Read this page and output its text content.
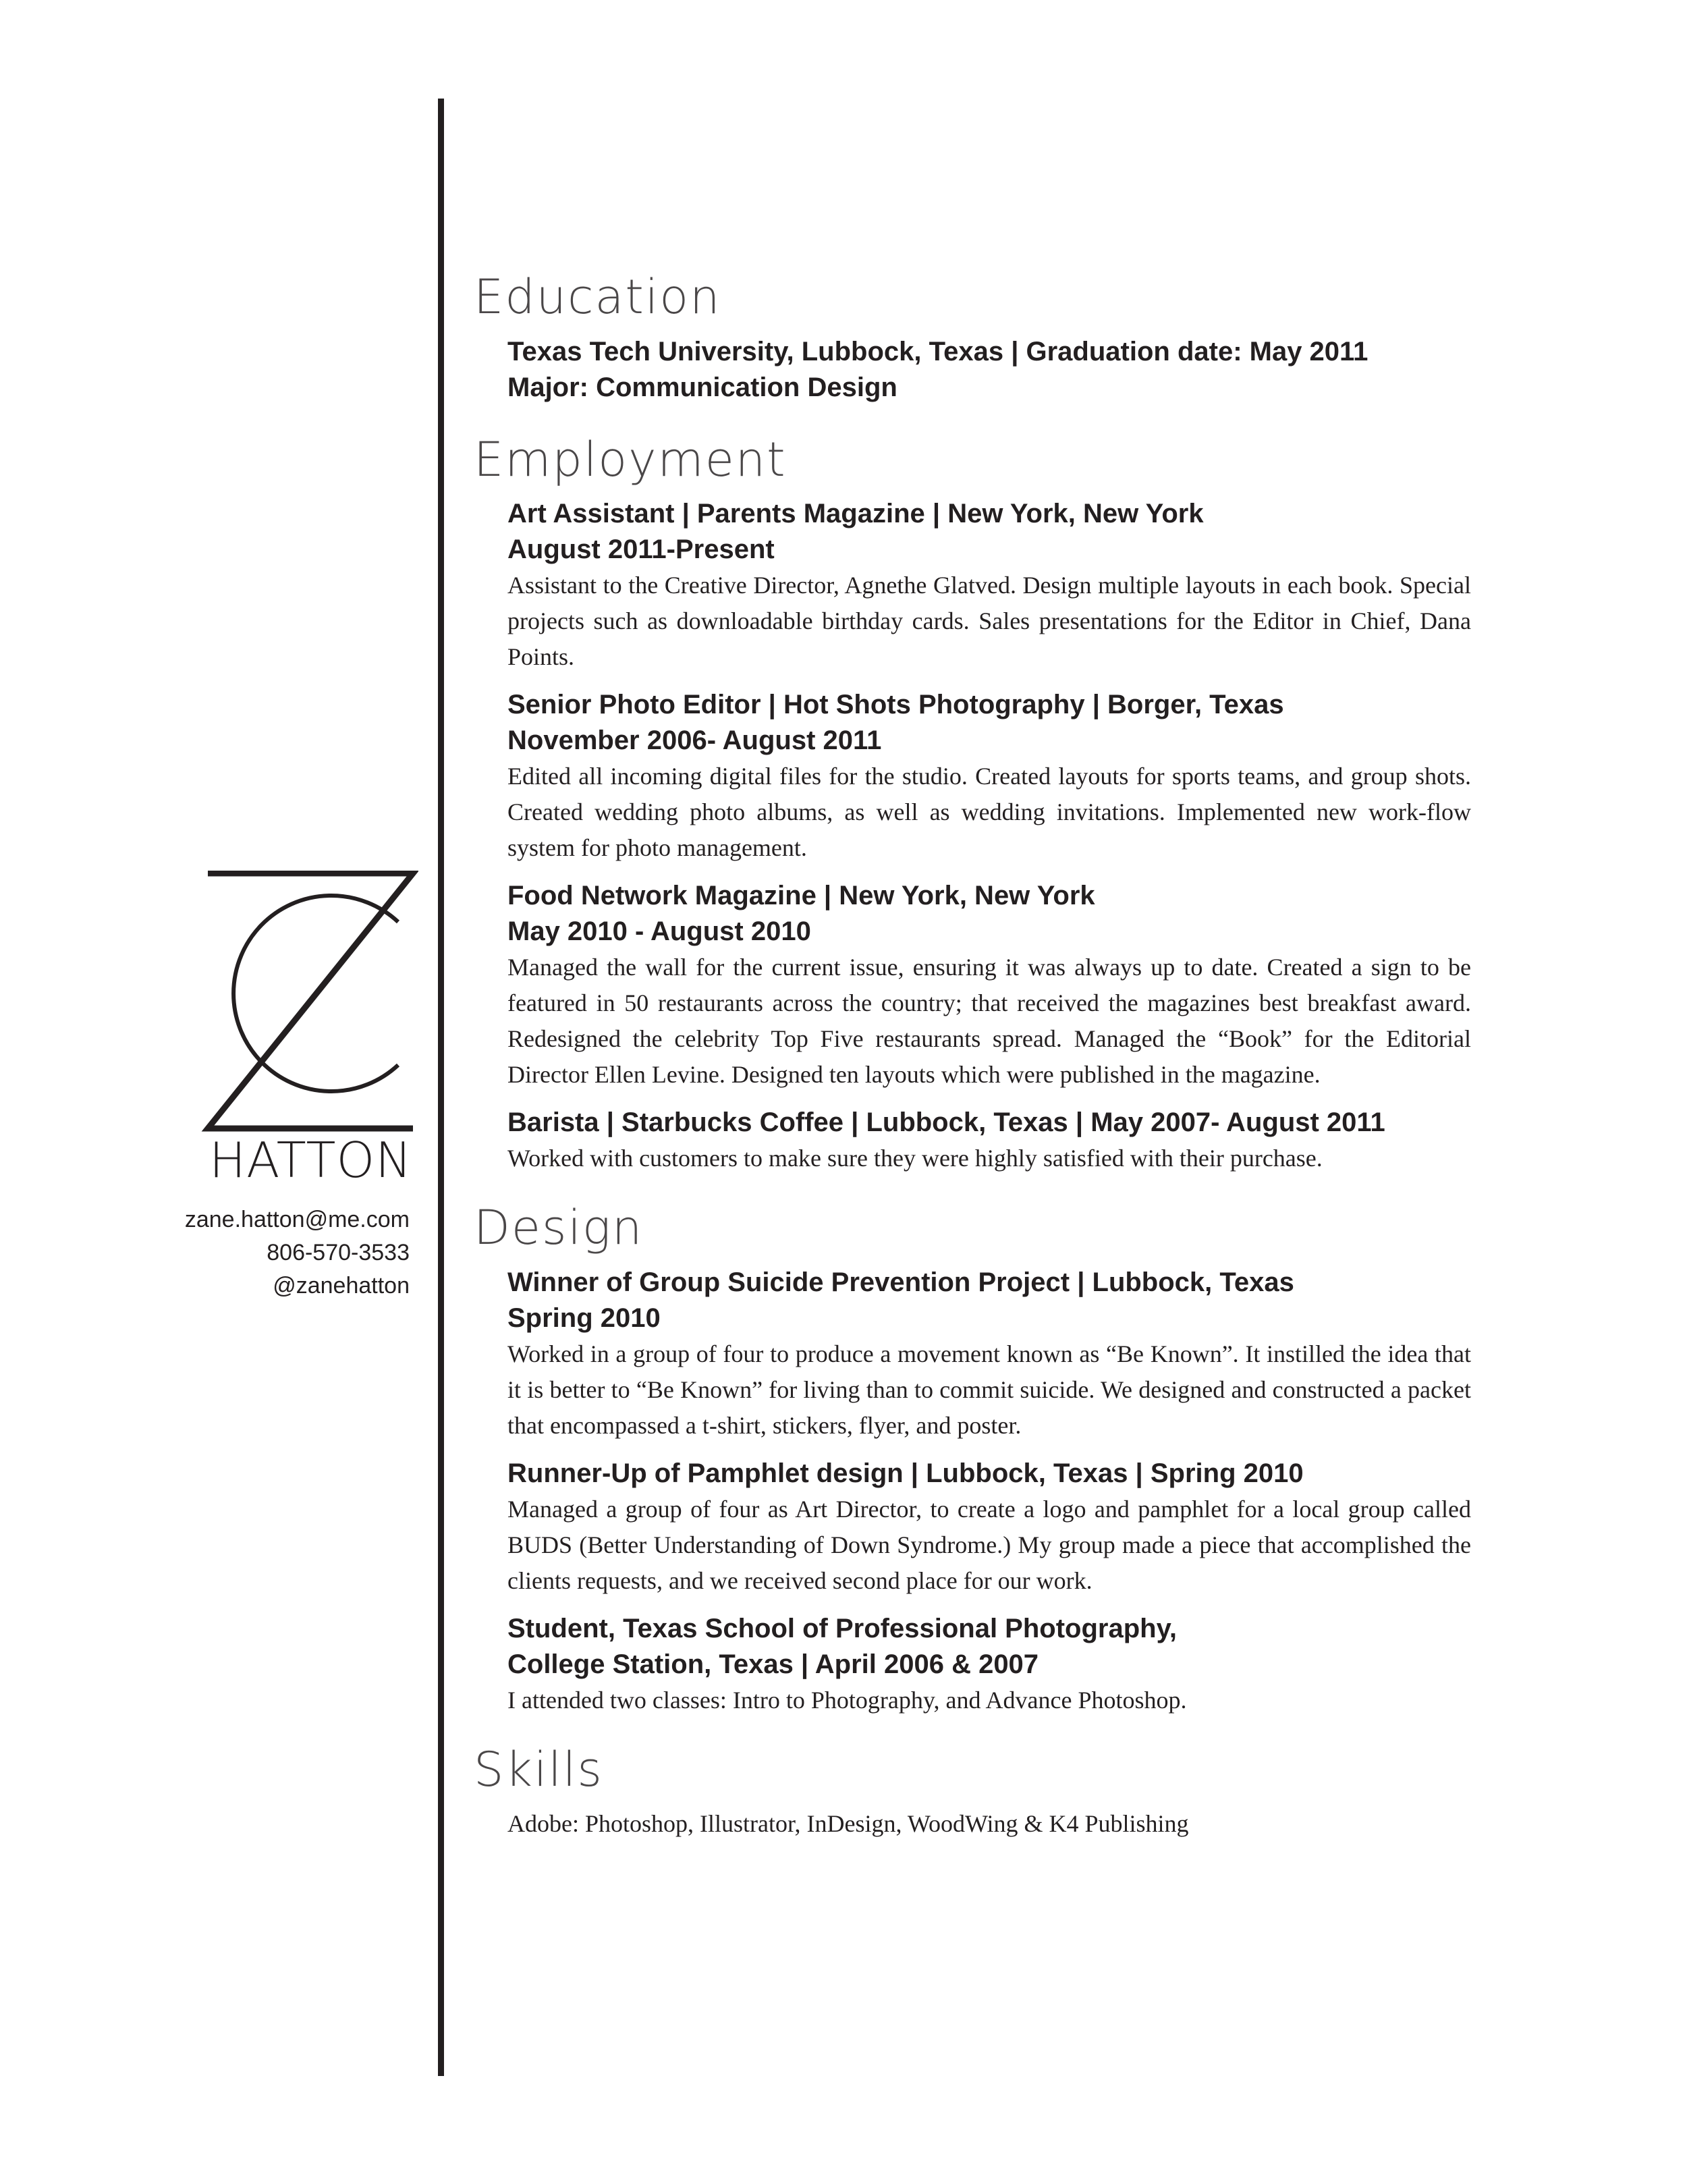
HATTON
zane.hatton@me.com
806-570-3533
@zanehatton
Education
Texas Tech University, Lubbock, Texas | Graduation date: May 2011
Major: Communication Design
Employment
Art Assistant | Parents Magazine | New York, New York
August 2011-Present
Assistant to the Creative Director, Agnethe Glatved. Design multiple layouts in each book. Special projects such as downloadable birthday cards. Sales presentations for the Editor in Chief, Dana Points.
Senior Photo Editor | Hot Shots Photography | Borger, Texas
November 2006- August 2011
Edited all incoming digital files for the studio. Created layouts for sports teams, and group shots. Created wedding photo albums, as well as wedding invitations. Implemented new work-flow system for photo management.
Food Network Magazine | New York, New York
May 2010 - August 2010
Managed the wall for the current issue, ensuring it was always up to date. Created a sign to be featured in 50 restaurants across the country; that received the magazines best breakfast award. Redesigned the celebrity Top Five restaurants spread. Managed the “Book” for the Editorial Director Ellen Levine. Designed ten layouts which were published in the magazine.
Barista | Starbucks Coffee | Lubbock, Texas | May 2007- August 2011
Worked with customers to make sure they were highly satisfied with their purchase.
Design
Winner of Group Suicide Prevention Project | Lubbock, Texas
Spring 2010
Worked in a group of four to produce a movement known as “Be Known”. It instilled the idea that it is better to “Be Known” for living than to commit suicide. We designed and constructed a packet that encompassed a t-shirt, stickers, flyer, and poster.
Runner-Up of Pamphlet design | Lubbock, Texas | Spring 2010
Managed a group of four as Art Director, to create a logo and pamphlet for a local group called BUDS (Better Understanding of Down Syndrome.) My group made a piece that accomplished the clients requests, and we received second place for our work.
Student, Texas School of Professional Photography,
College Station, Texas | April 2006 & 2007
I attended two classes: Intro to Photography, and Advance Photoshop.
Skills
Adobe: Photoshop, Illustrator, InDesign, WoodWing & K4 Publishing
